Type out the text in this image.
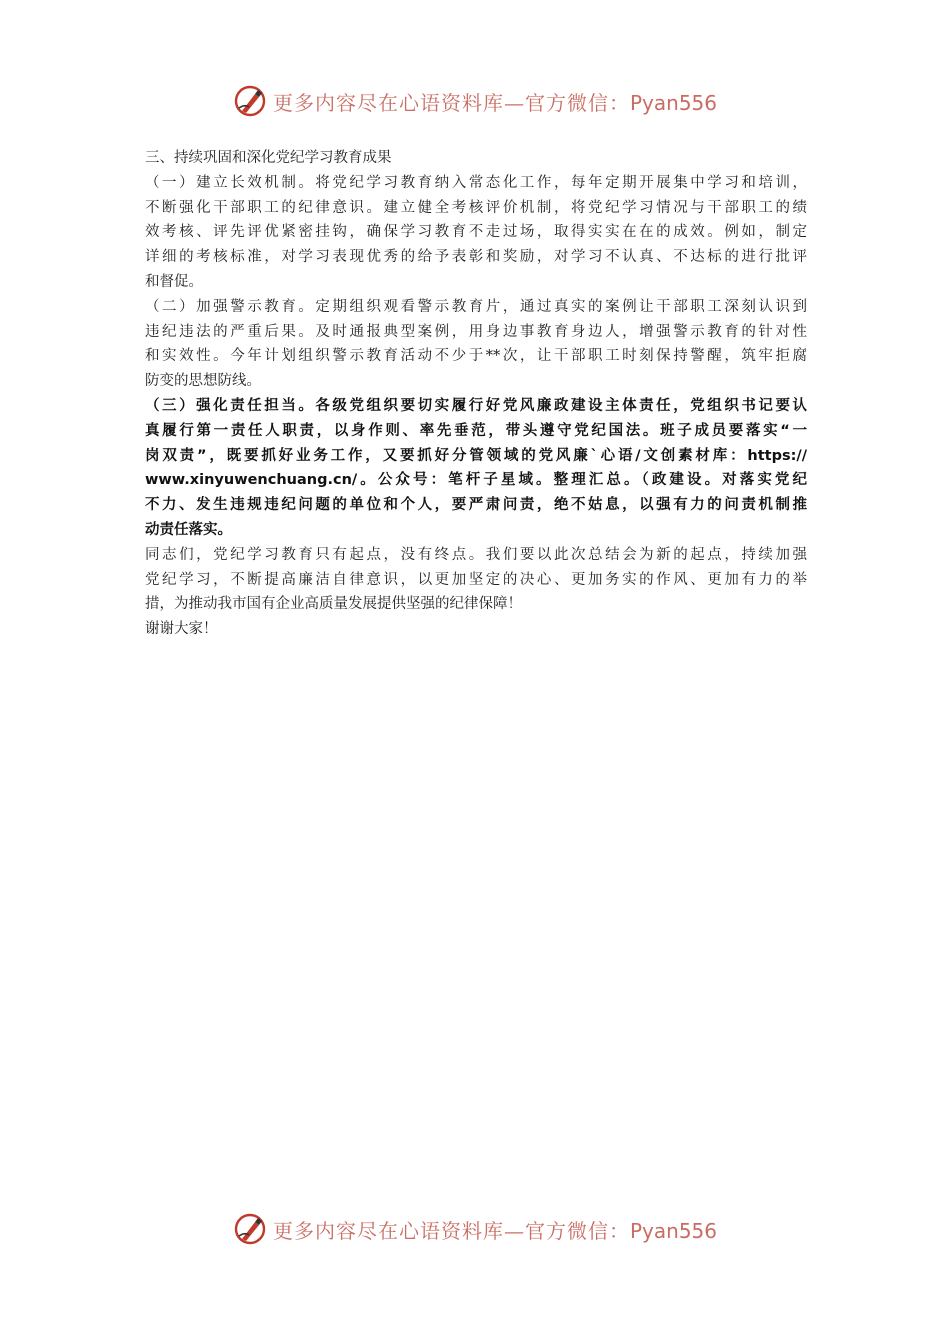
更多内容尽在心语资料库—官方微信：Pyan556
三、持续巩固和深化党纪学习教育成果
（一）建立长效机制。将党纪学习教育纳入常态化工作，每年定期开展集中学习和培训，
不断强化干部职工的纪律意识。建立健全考核评价机制，将党纪学习情况与干部职工的绩
效考核、评先评优紧密挂钩，确保学习教育不走过场，取得实实在在的成效。例如，制定
详细的考核标准，对学习表现优秀的给予表彰和奖励，对学习不认真、不达标的进行批评
和督促。
（二）加强警示教育。定期组织观看警示教育片，通过真实的案例让干部职工深刻认识到
违纪违法的严重后果。及时通报典型案例，用身边事教育身边人，增强警示教育的针对性
和实效性。今年计划组织警示教育活动不少于**次，让干部职工时刻保持警醒，筑牢拒腐
防变的思想防线。
（三）强化责任担当。各级党组织要切实履行好党风廉政建设主体责任，党组织书记要认
真履行第一责任人职责，以身作则、率先垂范，带头遵守党纪国法。班子成员要落实“一
岗双责”，既要抓好业务工作，又要抓好分管领域的党风廉`心语/文创素材库：https://
www.xinyuwenchuang.cn/。公众号：笔杆子星域。整理汇总。（政建设。对落实党纪
不力、发生违规违纪问题的单位和个人，要严肃问责，绝不姑息，以强有力的问责机制推
动责任落实。
同志们，党纪学习教育只有起点，没有终点。我们要以此次总结会为新的起点，持续加强
党纪学习，不断提高廉洁自律意识，以更加坚定的决心、更加务实的作风、更加有力的举
措，为推动我市国有企业高质量发展提供坚强的纪律保障！
谢谢大家！
更多内容尽在心语资料库—官方微信：Pyan556
